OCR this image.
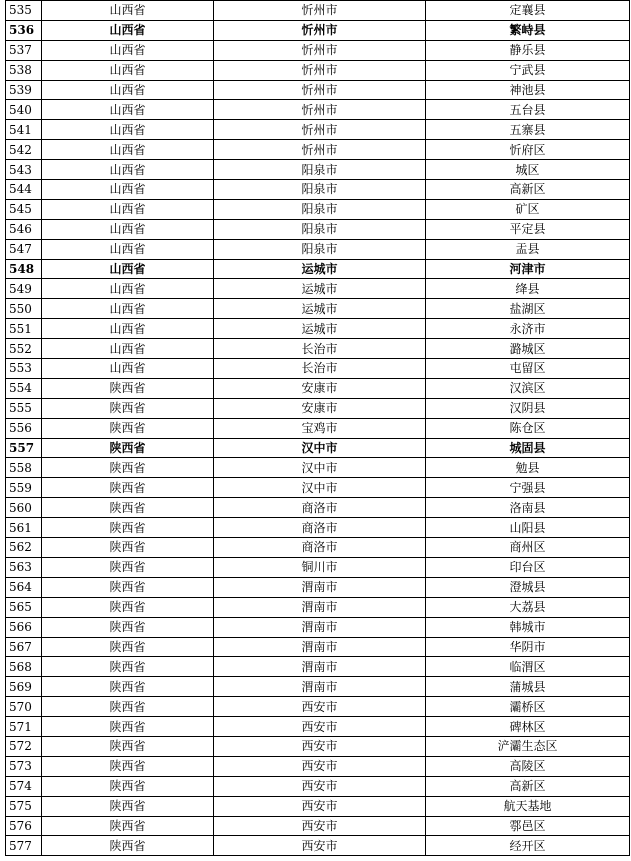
535	山西省	忻州市	定襄县
536	山西省	忻州市	繁峙县
537	山西省	忻州市	静乐县
538	山西省	忻州市	宁武县
539	山西省	忻州市	神池县
540	山西省	忻州市	五台县
541	山西省	忻州市	五寨县
542	山西省	忻州市	忻府区
543	山西省	阳泉市	城区
544	山西省	阳泉市	高新区
545	山西省	阳泉市	矿区
546	山西省	阳泉市	平定县
547	山西省	阳泉市	盂县
548	山西省	运城市	河津市
549	山西省	运城市	绛县
550	山西省	运城市	盐湖区
551	山西省	运城市	永济市
552	山西省	长治市	潞城区
553	山西省	长治市	屯留区
554	陕西省	安康市	汉滨区
555	陕西省	安康市	汉阴县
556	陕西省	宝鸡市	陈仓区
557	陕西省	汉中市	城固县
558	陕西省	汉中市	勉县
559	陕西省	汉中市	宁强县
560	陕西省	商洛市	洛南县
561	陕西省	商洛市	山阳县
562	陕西省	商洛市	商州区
563	陕西省	铜川市	印台区
564	陕西省	渭南市	澄城县
565	陕西省	渭南市	大荔县
566	陕西省	渭南市	韩城市
567	陕西省	渭南市	华阴市
568	陕西省	渭南市	临渭区
569	陕西省	渭南市	蒲城县
570	陕西省	西安市	灞桥区
571	陕西省	西安市	碑林区
572	陕西省	西安市	浐灞生态区
573	陕西省	西安市	高陵区
574	陕西省	西安市	高新区
575	陕西省	西安市	航天基地
576	陕西省	西安市	鄠邑区
577	陕西省	西安市	经开区
